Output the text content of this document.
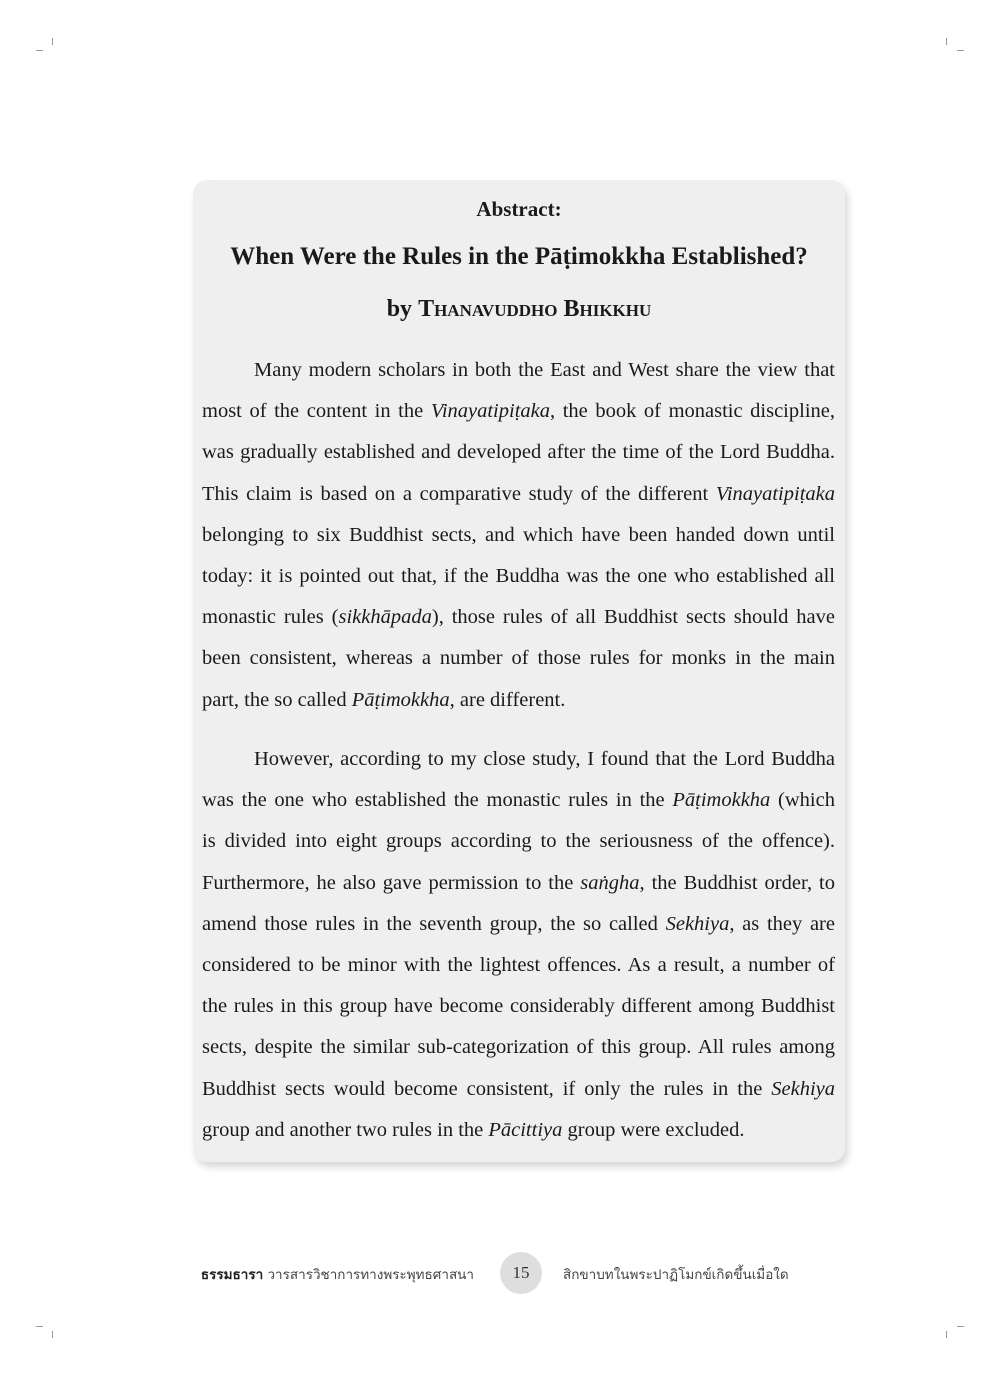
Abstract:
When Were the Rules in the Pāṭimokkha Established?
by Thanavuddho Bhikkhu
Many modern scholars in both the East and West share the view that
most of the content in the Vinayatipiṭaka, the book of monastic discipline,
was gradually established and developed after the time of the Lord Buddha.
This claim is based on a comparative study of the different Vinayatipiṭaka
belonging to six Buddhist sects, and which have been handed down until
today: it is pointed out that, if the Buddha was the one who established all
monastic rules (sikkhāpada), those rules of all Buddhist sects should have
been consistent, whereas a number of those rules for monks in the main
part, the so called Pāṭimokkha, are different.
However, according to my close study, I found that the Lord Buddha
was the one who established the monastic rules in the Pāṭimokkha (which
is divided into eight groups according to the seriousness of the offence).
Furthermore, he also gave permission to the saṅgha, the Buddhist order, to
amend those rules in the seventh group, the so called Sekhiya, as they are
considered to be minor with the lightest offences. As a result, a number of
the rules in this group have become considerably different among Buddhist
sects, despite the similar sub-categorization of this group. All rules among
Buddhist sects would become consistent, if only the rules in the Sekhiya
group and another two rules in the Pācittiya group were excluded.
ธรรมธารา วารสารวิชาการทางพระพุทธศาสนา	15	สิกขาบทในพระปาฏิโมกข์เกิดขึ้นเมื่อใด
